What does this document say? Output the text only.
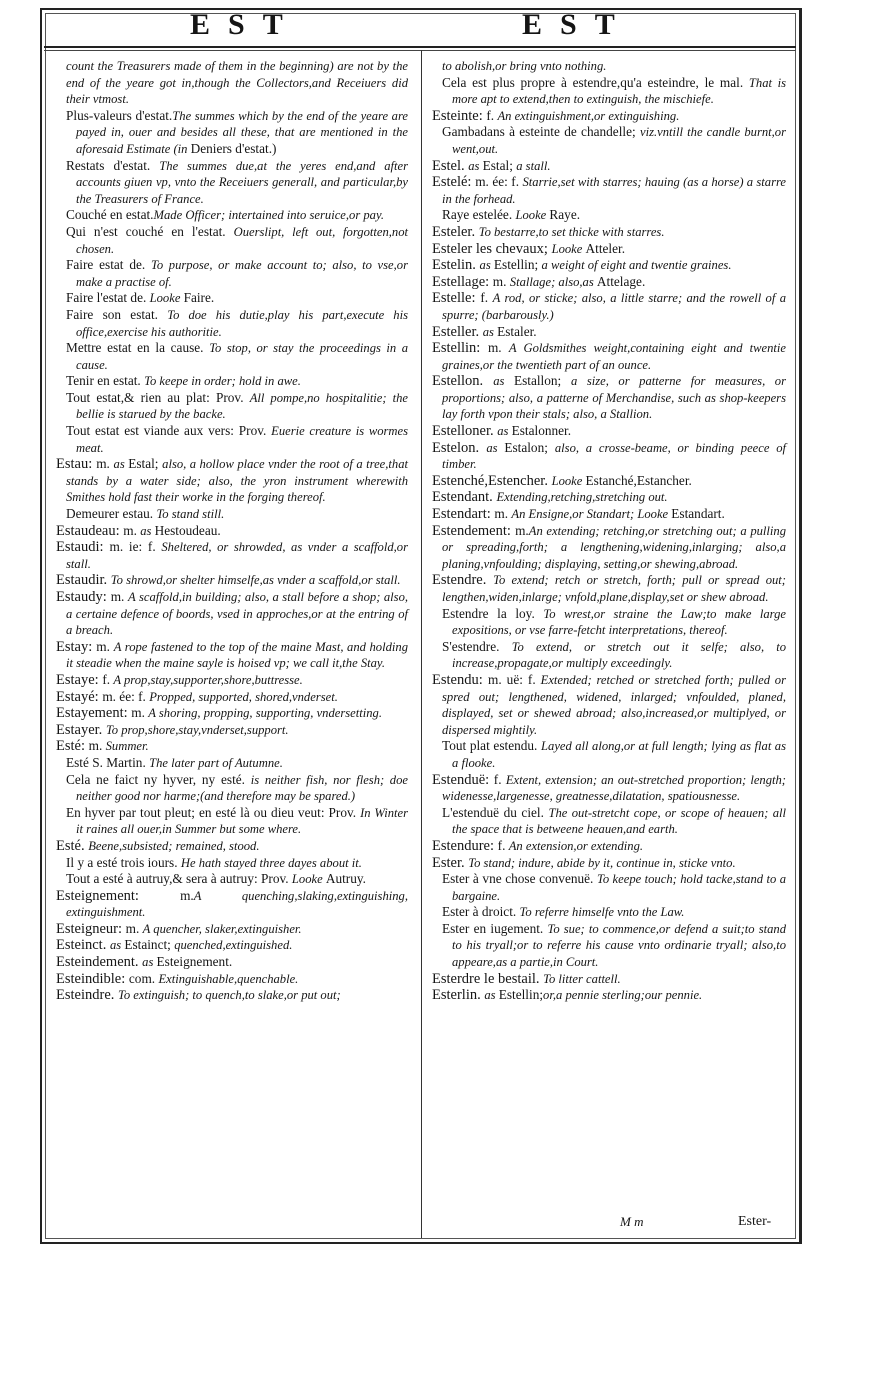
EST	EST

count the Treasurers made of them in the beginning) are not by the end of the yeare got in,though the Collectors,and Receiuers did their vtmost.

Plus-valeurs d'estat.The summes which by the end of the yeare are payed in, ouer and besides all these, that are mentioned in the aforesaid Estimate (in Deniers d'estat.)

Restats d'estat. The summes due,at the yeres end,and after accounts giuen vp, vnto the Receiuers generall, and particular,by the Treasurers of France.

Couché en estat.Made Officer; intertained into seruice,or pay.

Qui n'est couché en l'estat. Ouerslipt, left out, forgotten,not chosen.

Faire estat de. To purpose, or make account to; also, to vse,or make a practise of.

Faire l'estat de. Looke Faire.

Faire son estat. To doe his dutie,play his part,execute his office,exercise his authoritie.

Mettre estat en la cause. To stop, or stay the proceedings in a cause.

Tenir en estat. To keepe in order; hold in awe.

Tout estat,& rien au plat: Prov. All pompe,no hospitalitie; the bellie is starued by the backe.

Tout estat est viande aux vers: Prov. Euerie creature is wormes meat.

Estau: m. as Estal; also, a hollow place vnder the root of a tree,that stands by a water side; also, the yron instrument wherewith Smithes hold fast their worke in the forging thereof.

Demeurer estau. To stand still.

Estaudeau: m. as Hestoudeau.

Estaudi: m. ie: f. Sheltered, or shrowded, as vnder a scaffold,or stall.

Estaudir. To shrowd,or shelter himselfe,as vnder a scaffold,or stall.

Estaudy: m. A scaffold,in building; also, a stall before a shop; also, a certaine defence of boords, vsed in approches,or at the entring of a breach.

Estay: m. A rope fastened to the top of the maine Mast, and holding it steadie when the maine sayle is hoised vp; we call it,the Stay.

Estaye: f. A prop,stay,supporter,shore,buttresse.

Estayé: m. ée: f. Propped, supported, shored,vnderset.

Estayement: m. A shoring, propping, supporting, vndersetting.

Estayer. To prop,shore,stay,vnderset,support.

Esté: m. Summer.

Esté S. Martin. The later part of Autumne.

Cela ne faict ny hyver, ny esté. is neither fish, nor flesh; doe neither good nor harme;(and therefore may be spared.)

En hyver par tout pleut; en esté là ou dieu veut: Prov. In Winter it raines all ouer,in Summer but some where.

Esté. Beene,subsisted; remained, stood.

Il y a esté trois iours. He hath stayed three dayes about it.

Tout a esté à autruy,& sera à autruy: Prov. Looke Autruy.

Esteignement: m.A quenching,slaking,extinguishing, extinguishment.

Esteigneur: m. A quencher, slaker,extinguisher.

Esteinct. as Estainct; quenched,extinguished.

Esteindement. as Esteignement.

Esteindible: com. Extinguishable,quenchable.

Esteindre. To extinguish; to quench,to slake,or put out;

to abolish,or bring vnto nothing.

Cela est plus propre à estendre,qu'a esteindre, le mal. That is more apt to extend,then to extinguish, the mischiefe.

Esteinte: f. An extinguishment,or extinguishing.

Gambadans à esteinte de chandelle; viz.vntill the candle burnt,or went,out.

Estel. as Estal; a stall.

Estelé: m. ée: f. Starrie,set with starres; hauing (as a horse) a starre in the forhead.

Raye estelée. Looke Raye.

Esteler. To bestarre,to set thicke with starres.

Esteler les chevaux; Looke Atteler.

Estelin. as Estellin; a weight of eight and twentie graines.

Estellage: m. Stallage; also,as Attelage.

Estelle: f. A rod, or sticke; also, a little starre; and the rowell of a spurre; (barbarously.)

Esteller. as Estaler.

Estellin: m. A Goldsmithes weight,containing eight and twentie graines,or the twentieth part of an ounce.

Estellon. as Estallon; a size, or patterne for measures, or proportions; also, a patterne of Merchandise, such as shop-keepers lay forth vpon their stals; also, a Stallion.

Estelloner. as Estalonner.

Estelon. as Estalon; also, a crosse-beame, or binding peece of timber.

Estenché,Estencher. Looke Estanché,Estancher.

Estendant. Extending,retching,stretching out.

Estendart: m. An Ensigne,or Standart; Looke Estandart.

Estendement: m.An extending; retching,or stretching out; a pulling or spreading,forth; a lengthening,widening,inlarging; also,a planing,vnfoulding; displaying, setting,or shewing,abroad.

Estendre. To extend; retch or stretch, forth; pull or spread out; lengthen,widen,inlarge; vnfold,plane,display,set or shew abroad.

Estendre la loy. To wrest,or straine the Law;to make large expositions, or vse farre-fetcht interpretations, thereof.

S'estendre. To extend, or stretch out it selfe; also, to increase,propagate,or multiply exceedingly.

Estendu: m. uë: f. Extended; retched or stretched forth; pulled or spred out; lengthened, widened, inlarged; vnfoulded, planed, displayed, set or shewed abroad; also,increased,or multiplyed, or dispersed mightily.

Tout plat estendu. Layed all along,or at full length; lying as flat as a flooke.

Estenduë: f. Extent, extension; an out-stretched proportion; length; widenesse,largenesse, greatnesse,dilatation, spatiousnesse.

L'estenduë du ciel. The out-stretcht cope, or scope of heauen; all the space that is betweene heauen,and earth.

Estendure: f. An extension,or extending.

Ester. To stand; indure, abide by it, continue in, sticke vnto.

Ester à vne chose convenuë. To keepe touch; hold tacke,stand to a bargaine.

Ester à droict. To referre himselfe vnto the Law.

Ester en iugement. To sue; to commence,or defend a suit;to stand to his tryall;or to referre his cause vnto ordinarie tryall; also,to appeare,as a partie,in Court.

Esterdre le bestail. To litter cattell.

Esterlin. as Estellin;or,a pennie sterling;our pennie.

M m	Ester-
